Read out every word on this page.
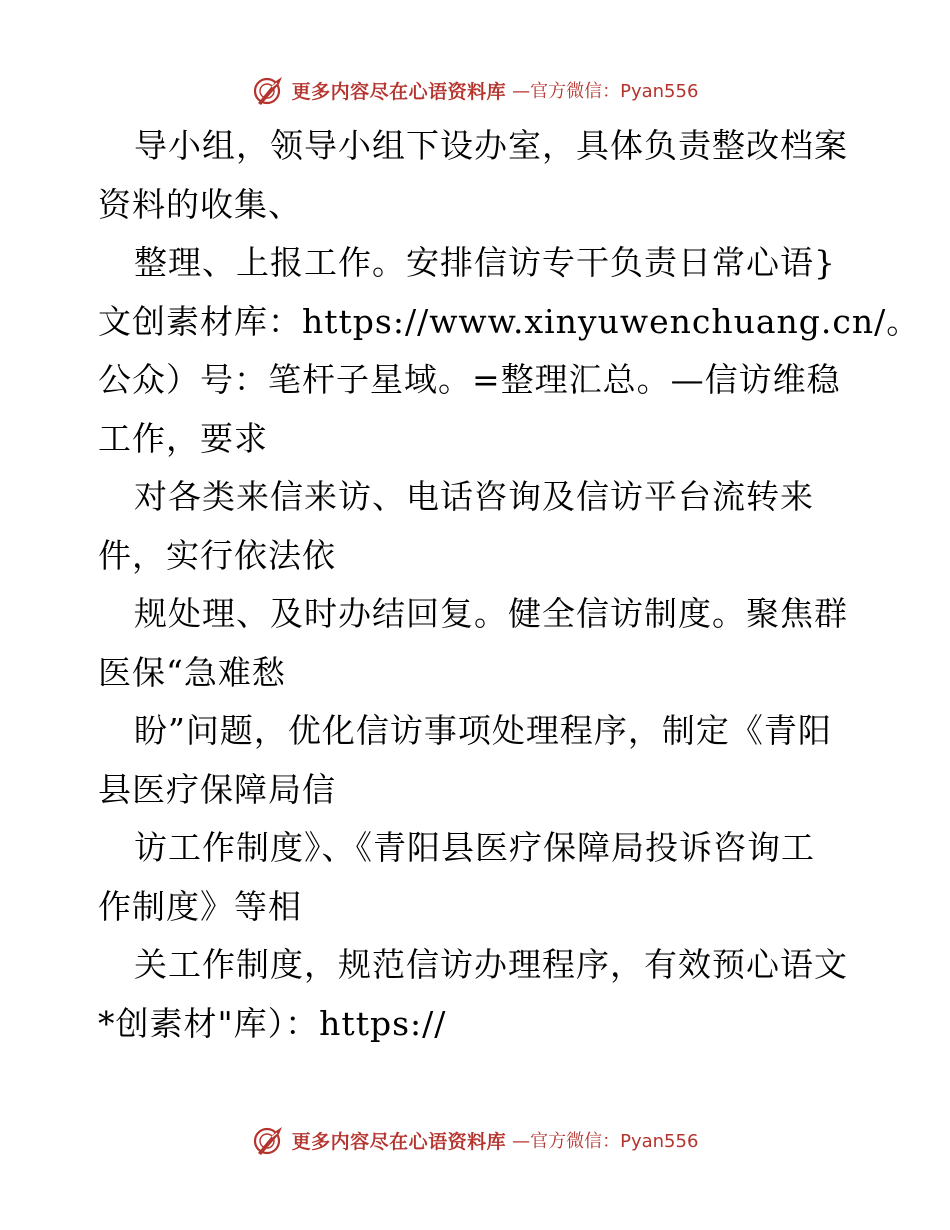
更多内容尽在心语资料库 —官方微信：Pyan556
导小组，领导小组下设办室，具体负责整改档案
资料的收集、
整理、上报工作。安排信访专干负责日常心语}
文创素材库：https://www.xinyuwenchuang.cn/。
公众）号：笔杆子星域。=整理汇总。—信访维稳
工作，要求
对各类来信来访、电话咨询及信访平台流转来
件，实行依法依
规处理、及时办结回复。健全信访制度。聚焦群
医保“急难愁
盼”问题，优化信访事项处理程序，制定《青阳
县医疗保障局信
访工作制度》、《青阳县医疗保障局投诉咨询工
作制度》等相
关工作制度，规范信访办理程序，有效预心语文
*创素材"库）：https://
更多内容尽在心语资料库 —官方微信：Pyan556
